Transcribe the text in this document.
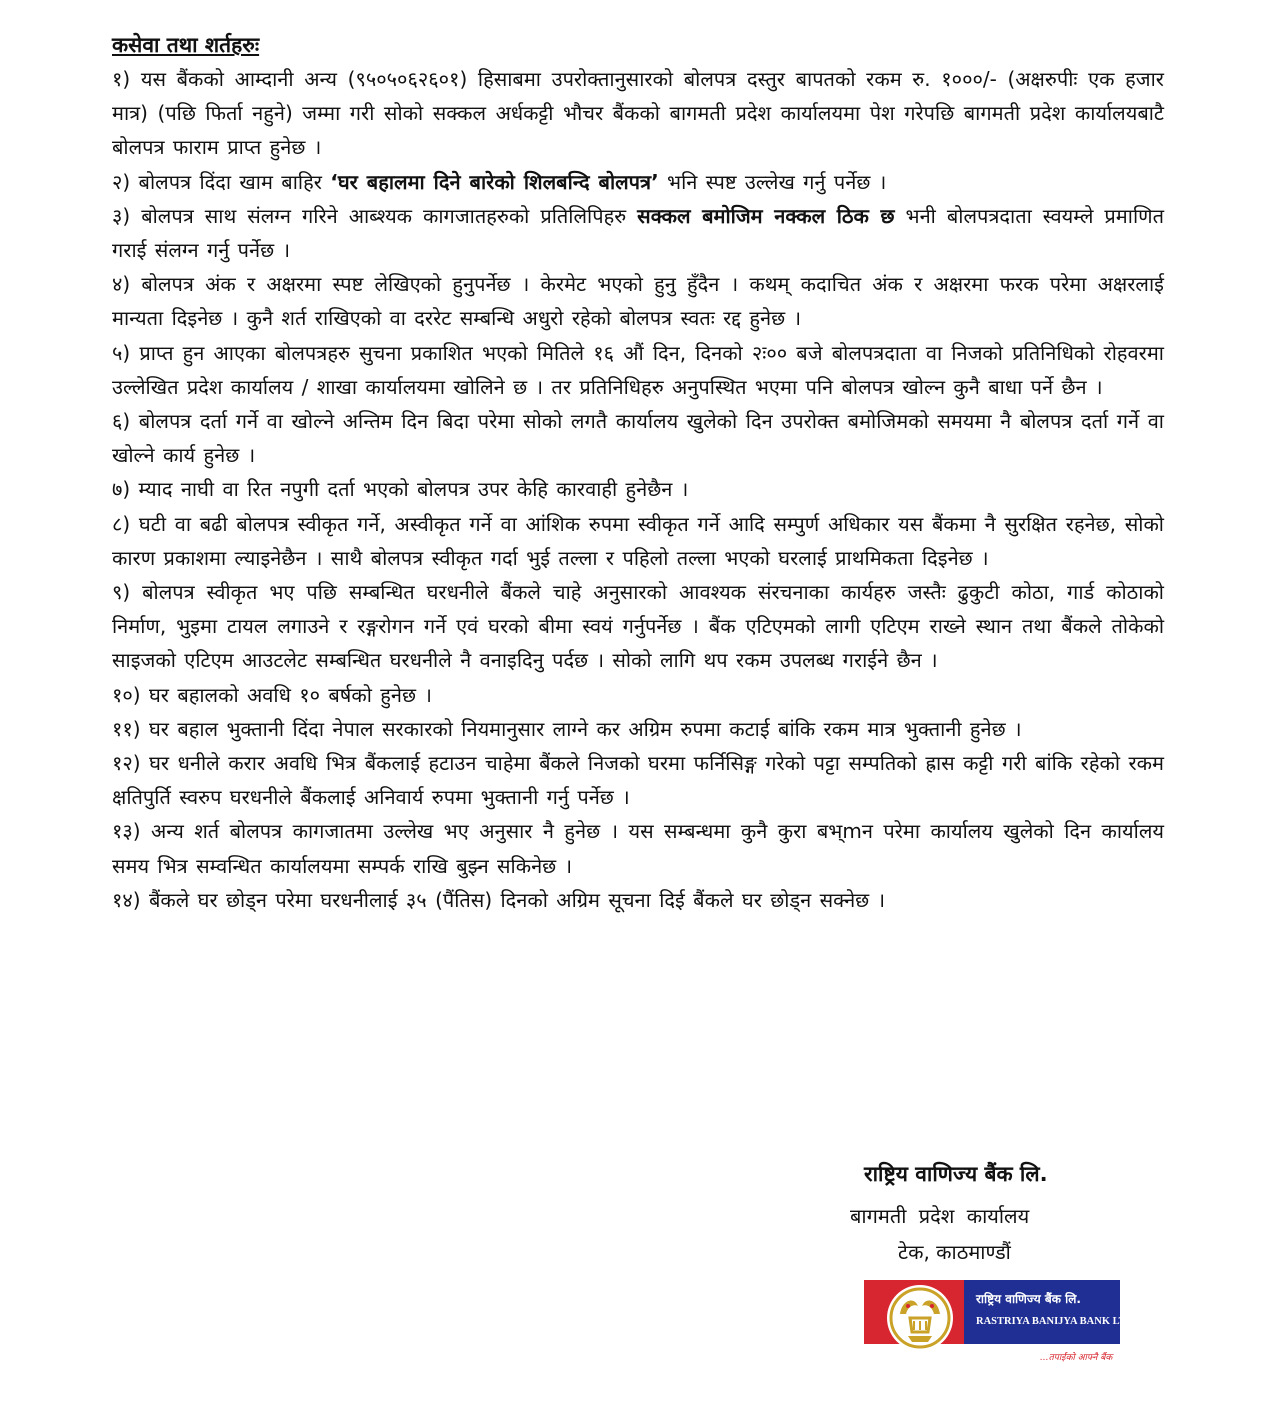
कसेवा तथा शर्तहरुः

१) यस बैंकको आम्दानी अन्य (९५०५०६२६०१) हिसाबमा उपरोक्तानुसारको बोलपत्र दस्तुर बापतको रकम रु. १०००/- (अक्षरुपीः एक हजार मात्र) (पछि फिर्ता नहुने) जम्मा गरी सोको सक्कल अर्धकट्टी भौचर बैंकको बागमती प्रदेश कार्यालयमा पेश गरेपछि बागमती प्रदेश कार्यालयबाटै बोलपत्र फाराम प्राप्त हुनेछ ।

२) बोलपत्र दिंदा खाम बाहिर ‘घर बहालमा दिने बारेको शिलबन्दि बोलपत्र’ भनि स्पष्ट उल्लेख गर्नु पर्नेछ ।

३) बोलपत्र साथ संलग्न गरिने आब्श्यक कागजातहरुको प्रतिलिपिहरु सक्कल बमोजिम नक्कल ठिक छ भनी बोलपत्रदाता स्वयम्ले प्रमाणित गराई संलग्न गर्नु पर्नेछ ।

४) बोलपत्र अंक र अक्षरमा स्पष्ट लेखिएको हुनुपर्नेछ । केरमेट भएको हुनु हुँदैन । कथम् कदाचित अंक र अक्षरमा फरक परेमा अक्षरलाई मान्यता दिइनेछ । कुनै शर्त राखिएको वा दररेट सम्बन्धि अधुरो रहेको बोलपत्र स्वतः रद्द हुनेछ ।

५) प्राप्त हुन आएका बोलपत्रहरु सुचना प्रकाशित भएको मितिले १६ औं दिन, दिनको २ः०० बजे बोलपत्रदाता वा निजको प्रतिनिधिको रोहवरमा उल्लेखित प्रदेश कार्यालय / शाखा कार्यालयमा खोलिने छ । तर प्रतिनिधिहरु अनुपस्थित भएमा पनि बोलपत्र खोल्न कुनै बाधा पर्ने छैन ।

६) बोलपत्र दर्ता गर्ने वा खोल्ने अन्तिम दिन बिदा परेमा सोको लगतै कार्यालय खुलेको दिन उपरोक्त बमोजिमको समयमा नै बोलपत्र दर्ता गर्ने वा खोल्ने कार्य हुनेछ ।

७) म्याद नाघी वा रित नपुगी दर्ता भएको बोलपत्र उपर केहि कारवाही हुनेछैन ।

८) घटी वा बढी बोलपत्र स्वीकृत गर्ने, अस्वीकृत गर्ने वा आंशिक रुपमा स्वीकृत गर्ने आदि सम्पुर्ण अधिकार यस बैंकमा नै सुरक्षित रहनेछ, सोको कारण प्रकाशमा ल्याइनेछैन । साथै बोलपत्र स्वीकृत गर्दा भुई तल्ला र पहिलो तल्ला भएको घरलाई प्राथमिकता दिइनेछ ।

९) बोलपत्र स्वीकृत भए पछि सम्बन्धित घरधनीले बैंकले चाहे अनुसारको आवश्यक संरचनाका कार्यहरु जस्तैः ढुकुटी कोठा, गार्ड कोठाको निर्माण, भुइमा टायल लगाउने र रङ्गरोगन गर्ने एवं घरको बीमा स्वयं गर्नुपर्नेछ । बैंक एटिएमको लागी एटिएम राख्ने स्थान तथा बैंकले तोकेको साइजको एटिएम आउटलेट सम्बन्धित घरधनीले नै वनाइदिनु पर्दछ । सोको लागि थप रकम उपलब्ध गराईने छैन ।

१०) घर बहालको अवधि १० बर्षको हुनेछ ।

११) घर बहाल भुक्तानी दिंदा नेपाल सरकारको नियमानुसार लाग्ने कर अग्रिम रुपमा कटाई बांकि रकम मात्र भुक्तानी हुनेछ ।

१२) घर धनीले करार अवधि भित्र बैंकलाई हटाउन चाहेमा बैंकले निजको घरमा फर्निसिङ्ग गरेको पट्टा सम्पतिको ह्रास कट्टी गरी बांकि रहेको रकम क्षतिपुर्ति स्वरुप घरधनीले बैंकलाई अनिवार्य रुपमा भुक्तानी गर्नु पर्नेछ ।

१३) अन्य शर्त बोलपत्र कागजातमा उल्लेख भए अनुसार नै हुनेछ । यस सम्बन्धमा कुनै कुरा बभ्mन परेमा कार्यालय खुलेको दिन कार्यालय समय भित्र सम्वन्धित कार्यालयमा सम्पर्क राखि बुझ्न सकिनेछ ।

१४) बैंकले घर छोड्न परेमा घरधनीलाई ३५ (पैंतिस) दिनको अग्रिम सूचना दिई बैंकले घर छोड्न सक्नेछ ।

राष्ट्रिय वाणिज्य बैंक लि.
बागमती प्रदेश कार्यालय
टेक, काठमाण्डौं
राष्ट्रिय वाणिज्य बैंक लि.
RASTRIYA BANIJYA BANK LTD.
...तपाईंको आफ्नै बैंक
